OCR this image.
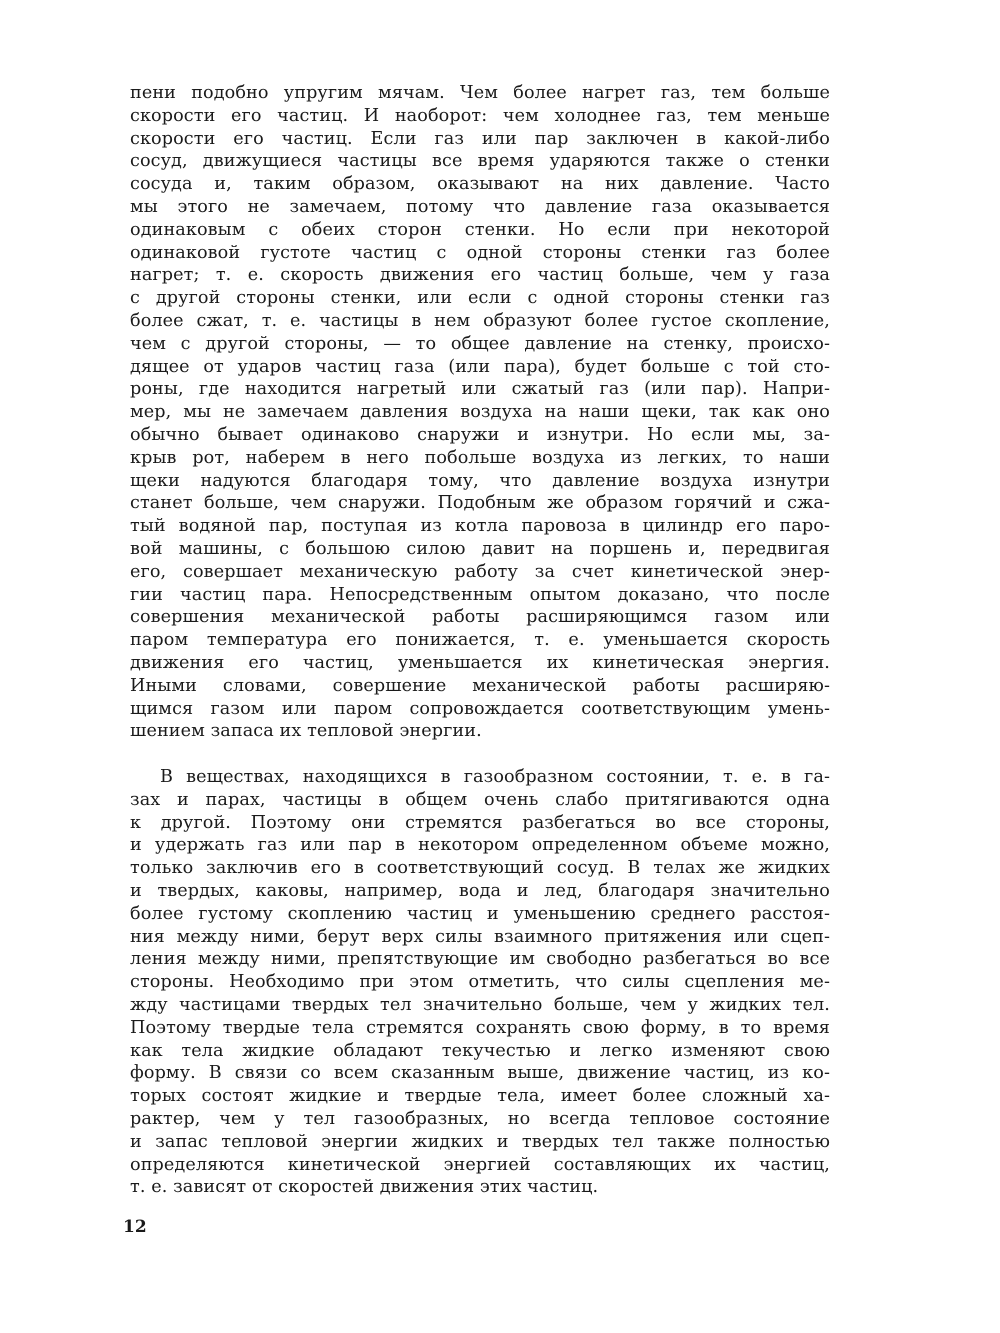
пени подобно упругим мячам. Чем более нагрет газ, тем больше
скорости его частиц. И наоборот: чем холоднее газ, тем меньше
скорости его частиц. Если газ или пар заключен в какой-либо
сосуд, движущиеся частицы все время ударяются также о стенки
сосуда и, таким образом, оказывают на них давление. Часто
мы этого не замечаем, потому что давление газа оказывается
одинаковым с обеих сторон стенки. Но если при некоторой
одинаковой густоте частиц с одной стороны стенки газ более
нагрет; т. е. скорость движения его частиц больше, чем у газа
с другой стороны стенки, или если с одной стороны стенки газ
более сжат, т. е. частицы в нем образуют более густое скопление,
чем с другой стороны, — то общее давление на стенку, происхо-
дящее от ударов частиц газа (или пара), будет больше с той сто-
роны, где находится нагретый или сжатый газ (или пар). Напри-
мер, мы не замечаем давления воздуха на наши щеки, так как оно
обычно бывает одинаково снаружи и изнутри. Но если мы, за-
крыв рот, наберем в него побольше воздуха из легких, то наши
щеки надуются благодаря тому, что давление воздуха изнутри
станет больше, чем снаружи. Подобным же образом горячий и сжа-
тый водяной пар, поступая из котла паровоза в цилиндр его паро-
вой машины, с большою силою давит на поршень и, передвигая
его, совершает механическую работу за счет кинетической энер-
гии частиц пара. Непосредственным опытом доказано, что после
совершения механической работы расширяющимся газом или
паром температура его понижается, т. е. уменьшается скорость
движения его частиц, уменьшается их кинетическая энергия.
Иными словами, совершение механической работы расширяю-
щимся газом или паром сопровождается соответствующим умень-
шением запаса их тепловой энергии.
В веществах, находящихся в газообразном состоянии, т. е. в га-
зах и парах, частицы в общем очень слабо притягиваются одна
к другой. Поэтому они стремятся разбегаться во все стороны,
и удержать газ или пар в некотором определенном объеме можно,
только заключив его в соответствующий сосуд. В телах же жидких
и твердых, каковы, например, вода и лед, благодаря значительно
более густому скоплению частиц и уменьшению среднего расстоя-
ния между ними, берут верх силы взаимного притяжения или сцеп-
ления между ними, препятствующие им свободно разбегаться во все
стороны. Необходимо при этом отметить, что силы сцепления ме-
жду частицами твердых тел значительно больше, чем у жидких тел.
Поэтому твердые тела стремятся сохранять свою форму, в то время
как тела жидкие обладают текучестью и легко изменяют свою
форму. В связи со всем сказанным выше, движение частиц, из ко-
торых состоят жидкие и твердые тела, имеет более сложный ха-
рактер, чем у тел газообразных, но всегда тепловое состояние
и запас тепловой энергии жидких и твердых тел также полностью
определяются кинетической энергией составляющих их частиц,
т. е. зависят от скоростей движения этих частиц.
12
